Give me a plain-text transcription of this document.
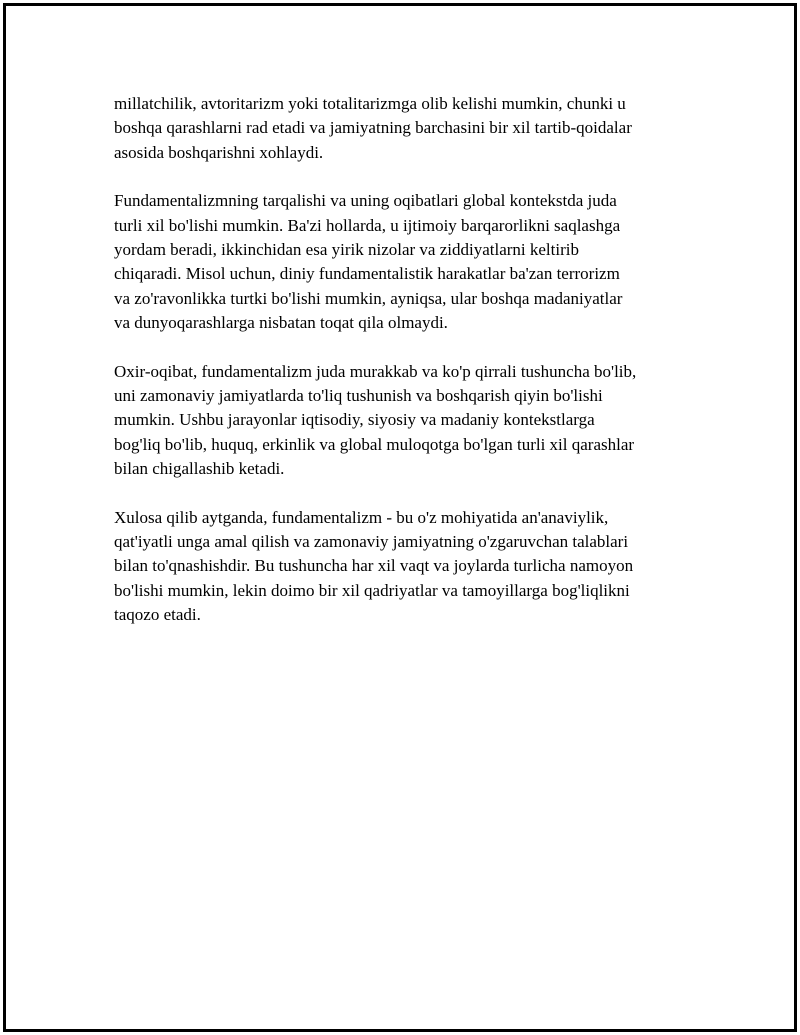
millatchilik, avtoritarizm yoki totalitarizmga olib kelishi mumkin, chunki u
boshqa qarashlarni rad etadi va jamiyatning barchasini bir xil tartib-qoidalar
asosida boshqarishni xohlaydi.

Fundamentalizmning tarqalishi va uning oqibatlari global kontekstda juda
turli xil bo'lishi mumkin. Ba'zi hollarda, u ijtimoiy barqarorlikni saqlashga
yordam beradi, ikkinchidan esa yirik nizolar va ziddiyatlarni keltirib
chiqaradi. Misol uchun, diniy fundamentalistik harakatlar ba'zan terrorizm
va zo'ravonlikka turtki bo'lishi mumkin, ayniqsa, ular boshqa madaniyatlar
va dunyoqarashlarga nisbatan toqat qila olmaydi.

Oxir-oqibat, fundamentalizm juda murakkab va ko'p qirrali tushuncha bo'lib,
uni zamonaviy jamiyatlarda to'liq tushunish va boshqarish qiyin bo'lishi
mumkin. Ushbu jarayonlar iqtisodiy, siyosiy va madaniy kontekstlarga
bog'liq bo'lib, huquq, erkinlik va global muloqotga bo'lgan turli xil qarashlar
bilan chigallashib ketadi.

Xulosa qilib aytganda, fundamentalizm - bu o'z mohiyatida an'anaviylik,
qat'iyatli unga amal qilish va zamonaviy jamiyatning o'zgaruvchan talablari
bilan to'qnashishdir. Bu tushuncha har xil vaqt va joylarda turlicha namoyon
bo'lishi mumkin, lekin doimo bir xil qadriyatlar va tamoyillarga bog'liqlikni
taqozo etadi.
